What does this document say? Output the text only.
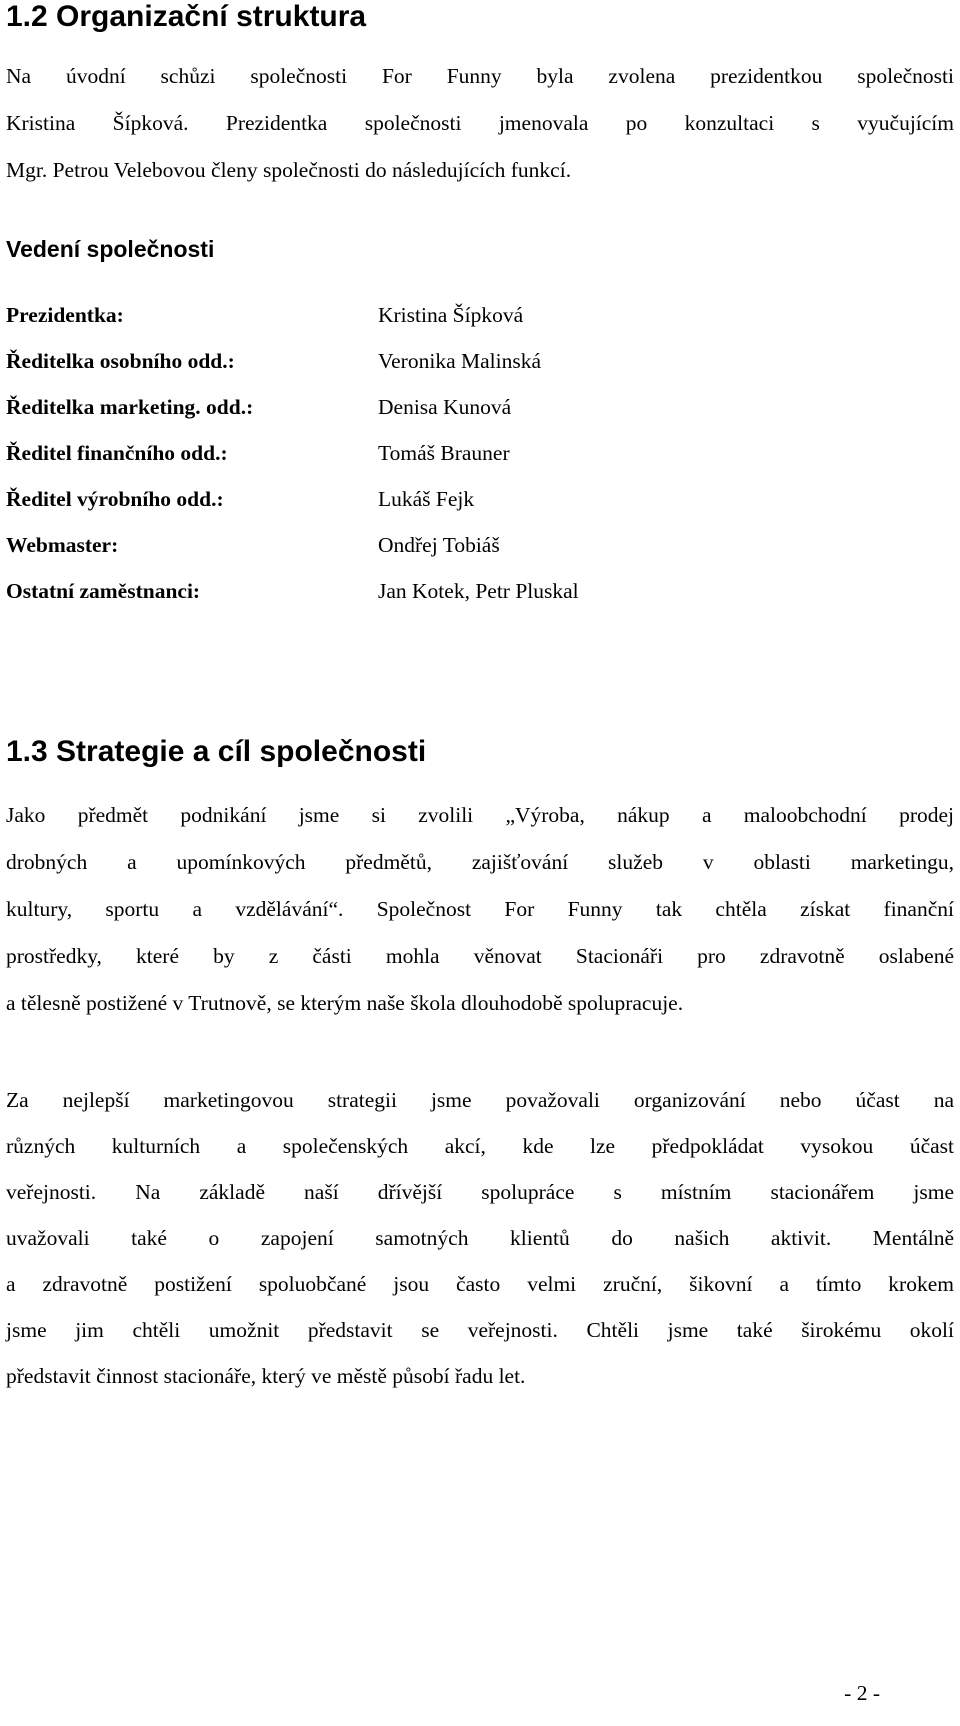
1.2 Organizační struktura
Na úvodní schůzi společnosti For Funny byla zvolena prezidentkou společnosti
Kristina Šípková. Prezidentka společnosti jmenovala po konzultaci s vyučujícím
Mgr. Petrou Velebovou členy společnosti do následujících funkcí.
Vedení společnosti
Prezidentka:	Kristina Šípková
Ředitelka osobního odd.:	Veronika Malinská
Ředitelka marketing. odd.:	Denisa Kunová
Ředitel finančního odd.:	Tomáš Brauner
Ředitel výrobního odd.:	Lukáš Fejk
Webmaster:	Ondřej Tobiáš
Ostatní zaměstnanci:	Jan Kotek, Petr Pluskal
1.3 Strategie a cíl společnosti
Jako předmět podnikání jsme si zvolili „Výroba, nákup a maloobchodní prodej
drobných a upomínkových předmětů, zajišťování služeb v oblasti marketingu,
kultury, sportu a vzdělávání“. Společnost For Funny tak chtěla získat finanční
prostředky, které by z části mohla věnovat Stacionáři pro zdravotně oslabené
a tělesně postižené v Trutnově, se kterým naše škola dlouhodobě spolupracuje.
Za nejlepší marketingovou strategii jsme považovali organizování nebo účast na
různých kulturních a společenských akcí, kde lze předpokládat vysokou účast
veřejnosti. Na základě naší dřívější spolupráce s místním stacionářem jsme
uvažovali také o zapojení samotných klientů do našich aktivit. Mentálně
a zdravotně postižení spoluobčané jsou často velmi zruční, šikovní a tímto krokem
jsme jim chtěli umožnit představit se veřejnosti. Chtěli jsme také širokému okolí
představit činnost stacionáře, který ve městě působí řadu let.
- 2 -
